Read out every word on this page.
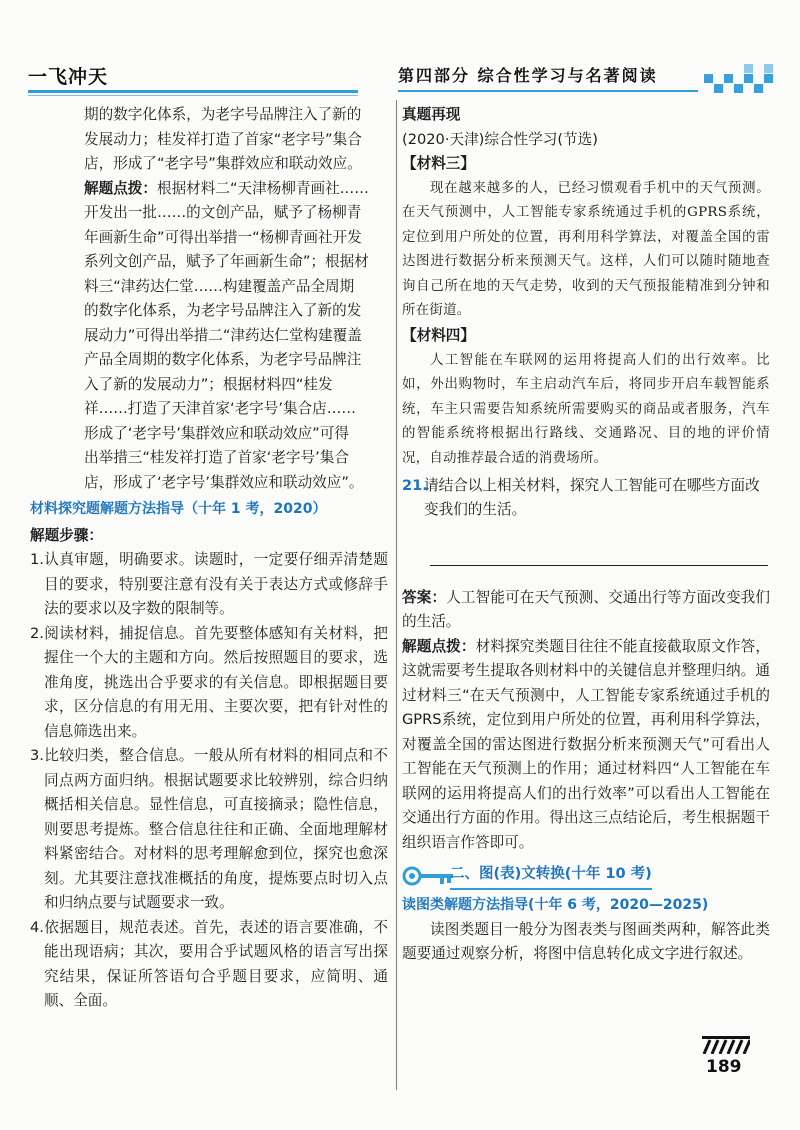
一飞冲天	第四部分 综合性学习与名著阅读

期的数字化体系，为老字号品牌注入了新的

发展动力；桂发祥打造了首家“老字号”集合

店，形成了“老字号”集群效应和联动效应。

解题点拨：根据材料二“天津杨柳青画社……

开发出一批……的文创产品，赋予了杨柳青

年画新生命”可得出举措一“杨柳青画社开发

系列文创产品，赋予了年画新生命”；根据材

料三“津药达仁堂……构建覆盖产品全周期

的数字化体系，为老字号品牌注入了新的发

展动力”可得出举措二“津药达仁堂构建覆盖

产品全周期的数字化体系，为老字号品牌注

入了新的发展动力”；根据材料四“桂发

祥……打造了天津首家‘老字号’集合店……

形成了‘老字号’集群效应和联动效应”可得

出举措三“桂发祥打造了首家‘老字号’集合

店，形成了‘老字号’集群效应和联动效应”。

材料探究题解题方法指导（十年 1 考，2020）

解题步骤：

1.认真审题，明确要求。读题时，一定要仔细弄清楚题目的要求，特别要注意有没有关于表达方式或修辞手法的要求以及字数的限制等。

2.阅读材料，捕捉信息。首先要整体感知有关材料，把握住一个大的主题和方向。然后按照题目的要求，选准角度，挑选出合乎要求的有关信息。即根据题目要求，区分信息的有用无用、主要次要，把有针对性的信息筛选出来。

3.比较归类，整合信息。一般从所有材料的相同点和不同点两方面归纳。根据试题要求比较辨别，综合归纳概括相关信息。显性信息，可直接摘录；隐性信息，则要思考提炼。整合信息往往和正确、全面地理解材料紧密结合。对材料的思考理解愈到位，探究也愈深刻。尤其要注意找准概括的角度，提炼要点时切入点和归纳点要与试题要求一致。

4.依据题目，规范表述。首先，表述的语言要准确，不能出现语病；其次，要用合乎试题风格的语言写出探究结果，保证所答语句合乎题目要求，应简明、通顺、全面。

真题再现

(2020·天津)综合性学习(节选)

【材料三】

现在越来越多的人，已经习惯观看手机中的天气预测。在天气预测中，人工智能专家系统通过手机的GPRS系统，定位到用户所处的位置，再利用科学算法，对覆盖全国的雷达图进行数据分析来预测天气。这样，人们可以随时随地查询自己所在地的天气走势，收到的天气预报能精准到分钟和所在街道。

【材料四】

人工智能在车联网的运用将提高人们的出行效率。比如，外出购物时，车主启动汽车后，将同步开启车载智能系统，车主只需要告知系统所需要购买的商品或者服务，汽车的智能系统将根据出行路线、交通路况、目的地的评价情况，自动推荐最合适的消费场所。

21.
请结合以上相关材料，探究人工智能可在哪些方面改变我们的生活。

答案：人工智能可在天气预测、交通出行等方面改变我们的生活。

解题点拨：材料探究类题目往往不能直接截取原文作答，这就需要考生提取各则材料中的关键信息并整理归纳。通过材料三“在天气预测中，人工智能专家系统通过手机的GPRS系统，定位到用户所处的位置，再利用科学算法，对覆盖全国的雷达图进行数据分析来预测天气”可看出人工智能在天气预测上的作用；通过材料四“人工智能在车联网的运用将提高人们的出行效率”可以看出人工智能在交通出行方面的作用。得出这三点结论后，考生根据题干组织语言作答即可。

二、图(表)文转换(十年 10 考)

读图类解题方法指导(十年 6 考，2020—2025)

读图类题目一般分为图表类与图画类两种，解答此类题要通过观察分析，将图中信息转化成文字进行叙述。

189
